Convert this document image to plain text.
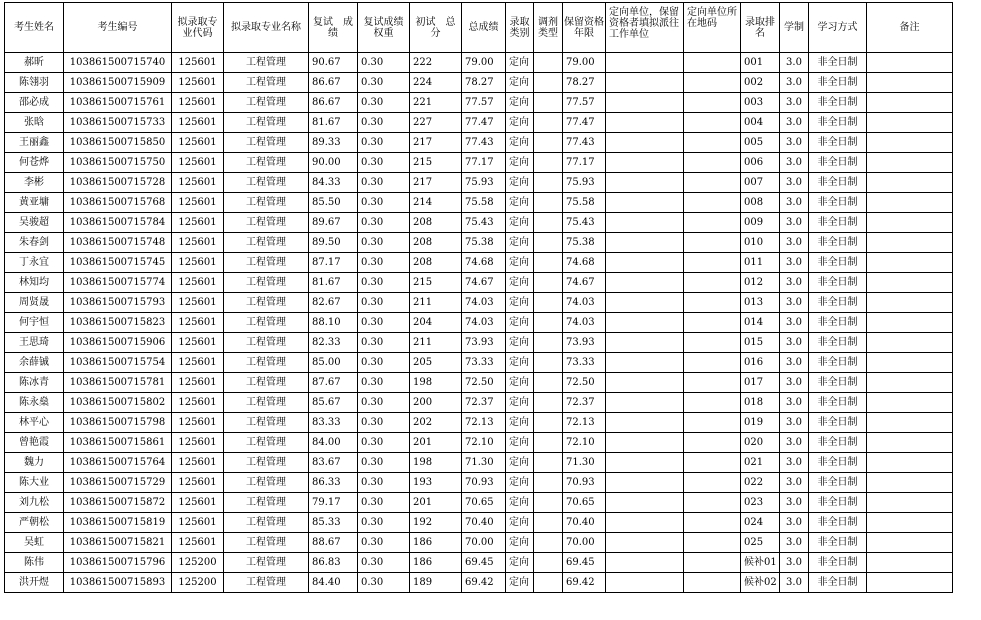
考生姓名	考生编号	拟录取专业代码	拟录取专业名称	复试　成绩	复试成绩权重	初试　总分	总成绩	录取类别	调剂类型	保留资格年限	定向单位，保留资格者填拟派往工作单位	定向单位所在地码	录取排名	学制	学习方式	备注
郝昕	103861500715740	125601	工程管理	90.67	0.30	222	79.00	定向		79.00			001	3.0	非全日制	
陈翎羽	103861500715909	125601	工程管理	86.67	0.30	224	78.27	定向		78.27			002	3.0	非全日制	
邵必成	103861500715761	125601	工程管理	86.67	0.30	221	77.57	定向		77.57			003	3.0	非全日制	
张晗	103861500715733	125601	工程管理	81.67	0.30	227	77.47	定向		77.47			004	3.0	非全日制	
王丽鑫	103861500715850	125601	工程管理	89.33	0.30	217	77.43	定向		77.43			005	3.0	非全日制	
何苍烨	103861500715750	125601	工程管理	90.00	0.30	215	77.17	定向		77.17			006	3.0	非全日制	
李彬	103861500715728	125601	工程管理	84.33	0.30	217	75.93	定向		75.93			007	3.0	非全日制	
黄亚墉	103861500715768	125601	工程管理	85.50	0.30	214	75.58	定向		75.58			008	3.0	非全日制	
吴骏超	103861500715784	125601	工程管理	89.67	0.30	208	75.43	定向		75.43			009	3.0	非全日制	
朱春剑	103861500715748	125601	工程管理	89.50	0.30	208	75.38	定向		75.38			010	3.0	非全日制	
丁永宜	103861500715745	125601	工程管理	87.17	0.30	208	74.68	定向		74.68			011	3.0	非全日制	
林知均	103861500715774	125601	工程管理	81.67	0.30	215	74.67	定向		74.67			012	3.0	非全日制	
周贤晟	103861500715793	125601	工程管理	82.67	0.30	211	74.03	定向		74.03			013	3.0	非全日制	
何宇恒	103861500715823	125601	工程管理	88.10	0.30	204	74.03	定向		74.03			014	3.0	非全日制	
王思琦	103861500715906	125601	工程管理	82.33	0.30	211	73.93	定向		73.93			015	3.0	非全日制	
余薛铖	103861500715754	125601	工程管理	85.00	0.30	205	73.33	定向		73.33			016	3.0	非全日制	
陈冰青	103861500715781	125601	工程管理	87.67	0.30	198	72.50	定向		72.50			017	3.0	非全日制	
陈永燊	103861500715802	125601	工程管理	85.67	0.30	200	72.37	定向		72.37			018	3.0	非全日制	
林平心	103861500715798	125601	工程管理	83.33	0.30	202	72.13	定向		72.13			019	3.0	非全日制	
曾艳霞	103861500715861	125601	工程管理	84.00	0.30	201	72.10	定向		72.10			020	3.0	非全日制	
魏力	103861500715764	125601	工程管理	83.67	0.30	198	71.30	定向		71.30			021	3.0	非全日制	
陈大业	103861500715729	125601	工程管理	86.33	0.30	193	70.93	定向		70.93			022	3.0	非全日制	
刘九松	103861500715872	125601	工程管理	79.17	0.30	201	70.65	定向		70.65			023	3.0	非全日制	
严朝松	103861500715819	125601	工程管理	85.33	0.30	192	70.40	定向		70.40			024	3.0	非全日制	
吴虹	103861500715821	125601	工程管理	88.67	0.30	186	70.00	定向		70.00			025	3.0	非全日制	
陈伟	103861500715796	125200	工程管理	86.83	0.30	186	69.45	定向		69.45			候补01	3.0	非全日制	
洪开煜	103861500715893	125200	工程管理	84.40	0.30	189	69.42	定向		69.42			候补02	3.0	非全日制	
